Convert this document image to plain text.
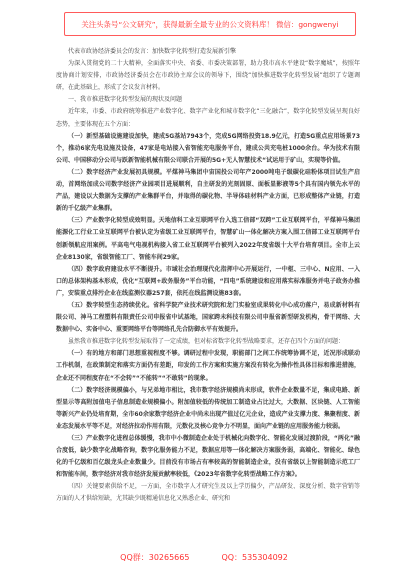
关注头条号“公文研究”，获得最新全最专业的公文资料库！ 微信：gongwenyi

代表市政协经济委员会的发言：加快数字化转型打造发展新引擎

为深入贯彻党的二十大精神，全面落实中央、省委、市委决策部署，助力我市高水平建设“数字魔城”，按照年度协商计划安排，市政协经济委员会在市政协主席会议的领导下，围绕“加快推进数字化转型发展”组织了专题调研，在此基础上，形成了会议发言材料。

一、我市推进数字化转型发展的现状及问题

近年来，市委、市政府统筹推进产业数字化、数字产业化和城市数字化“三化融合”，数字化转型发展呈现良好态势，主要体现在五个方面：

（一）新型基础设施建设加快，建成5G基站7943个，完成5G网络投资18.9亿元，打造5G重点应用场景73个，推动6家先电设施及设备，47家是电站接入省智能充电服务平台，建成公共充电桩1000余台。华为技术有限公司、中国移动分公司与跃新智能机械有限公司联合开展的5G+无人智慧技术“试运用于矿山，实现等价值。

（二）数字经济产业发展初具规模。平煤神马集团中宙国投公司年产2000吨电子级碳化硅粉体项目试生产启动，首网络加成公司数字经济产业园项目进展顺利，自主研发的光刻固原、面板显影液等5个具有国内领先水平的产品，建设以大数据为支撑的产业集群平台，并取得的碳化物、半导体硅材料产业方面，已形成整体产业链，打造新的千亿级产业集群。

（三）产业数字化转型成效明显。天地信科工业互联网平台入选工信部“双跨”工业互联网平台，平煤神马集团能源化工行业工业互联网平台被认定为省级工业互联网平台，智慧矿山一体化解决方案入围工信部工业互联网平台创新领航应用案例。平高电气电视机构接入省工业互联网平台被列入2022年度省级十大平台培育项目。全市上云企业8130家，省级智能工厂、智能车间29家。

（四）数字政府建设水平不断提升。市域社会治理现代化指挥中心开展运行，一中枢、三中心、N应用、一入口的总体架构基本形成，优化“互联网+政务服务”平台功能，“四电”系统建设和应用落实标准服务并电子政务办推广，安装重点排污企业在线监测仪器257套，依托在线监测设施83套。

（五）数字转型生态持续优化。省科学院产业技术研究院和龙门实验室成果转化中心成功落户，易成新材料有限公司、神马工程塑料有限责任公司申报省中试基地，国家跨未科技有限公司申报省新型研发机构，骨干网络、大数据中心、实备中心、重要网络平台等网络孔先合防御水平有效提升。

虽然我市推进数字化转型发展取得了一定成绩，但对标省数字化转型战略要求，还存在四个方面的问题：

（一）有的地方和部门思想重视程度不够。调研过程中发现，职能部门之间工作统筹协调不足，近况形成联动工作机制，在政策制定和落实方面仍有差距，印发的工作方案和实施方案没有转化为操作性具体目标和推进措施，企业还不同程度存在“不会转”“不能转”“不敢转”的现象。

（二）数字经济规模偏小，与兄弟地市相比，我市数字经济规模尚未形成，软件企业数量不足，集成电路、新型显示等高附加值电子信息制造业规模偏小。附加值较低的传统加工制造业占比过大，大数据、区块链、人工智能等新兴产业仍处培育期，全市60余家数字经济企业中尚未出现产值过亿元企业，造成产业支撑力度、集聚程度、新业态发展水平等不足，对经济拉动作用有限，元数化及核心竞争力不明显，面向产业链的应用服务能力较弱。

（三）产业数字化进程总体缓慢，我市中小微制造企业处于机械化向数字化、智能化发展过渡阶段，“两化”融合度低，缺少数字化战略咨询，数字化服务能力不足，数据应用等一体化解决方案服务弱，高端化、智能化、绿色化的千亿级和百亿级龙头企业数量少。目前没有市场占有率较高的智能制造企业，没有省级以上智能制造示范工厂和智能车间，数字经济对我市经济发展贡献率较低，《2023年省数字化转型战略工作方案》。

（四）关键要素供给不足，一方面，全市数字人才研究生及以上学历偏少，产品研发、深度分析、数字营销等方面的人才供给短缺，尤其缺少既精通信息化又熟悉企业、研究和

QQ群：30265665	QQ：535304092
